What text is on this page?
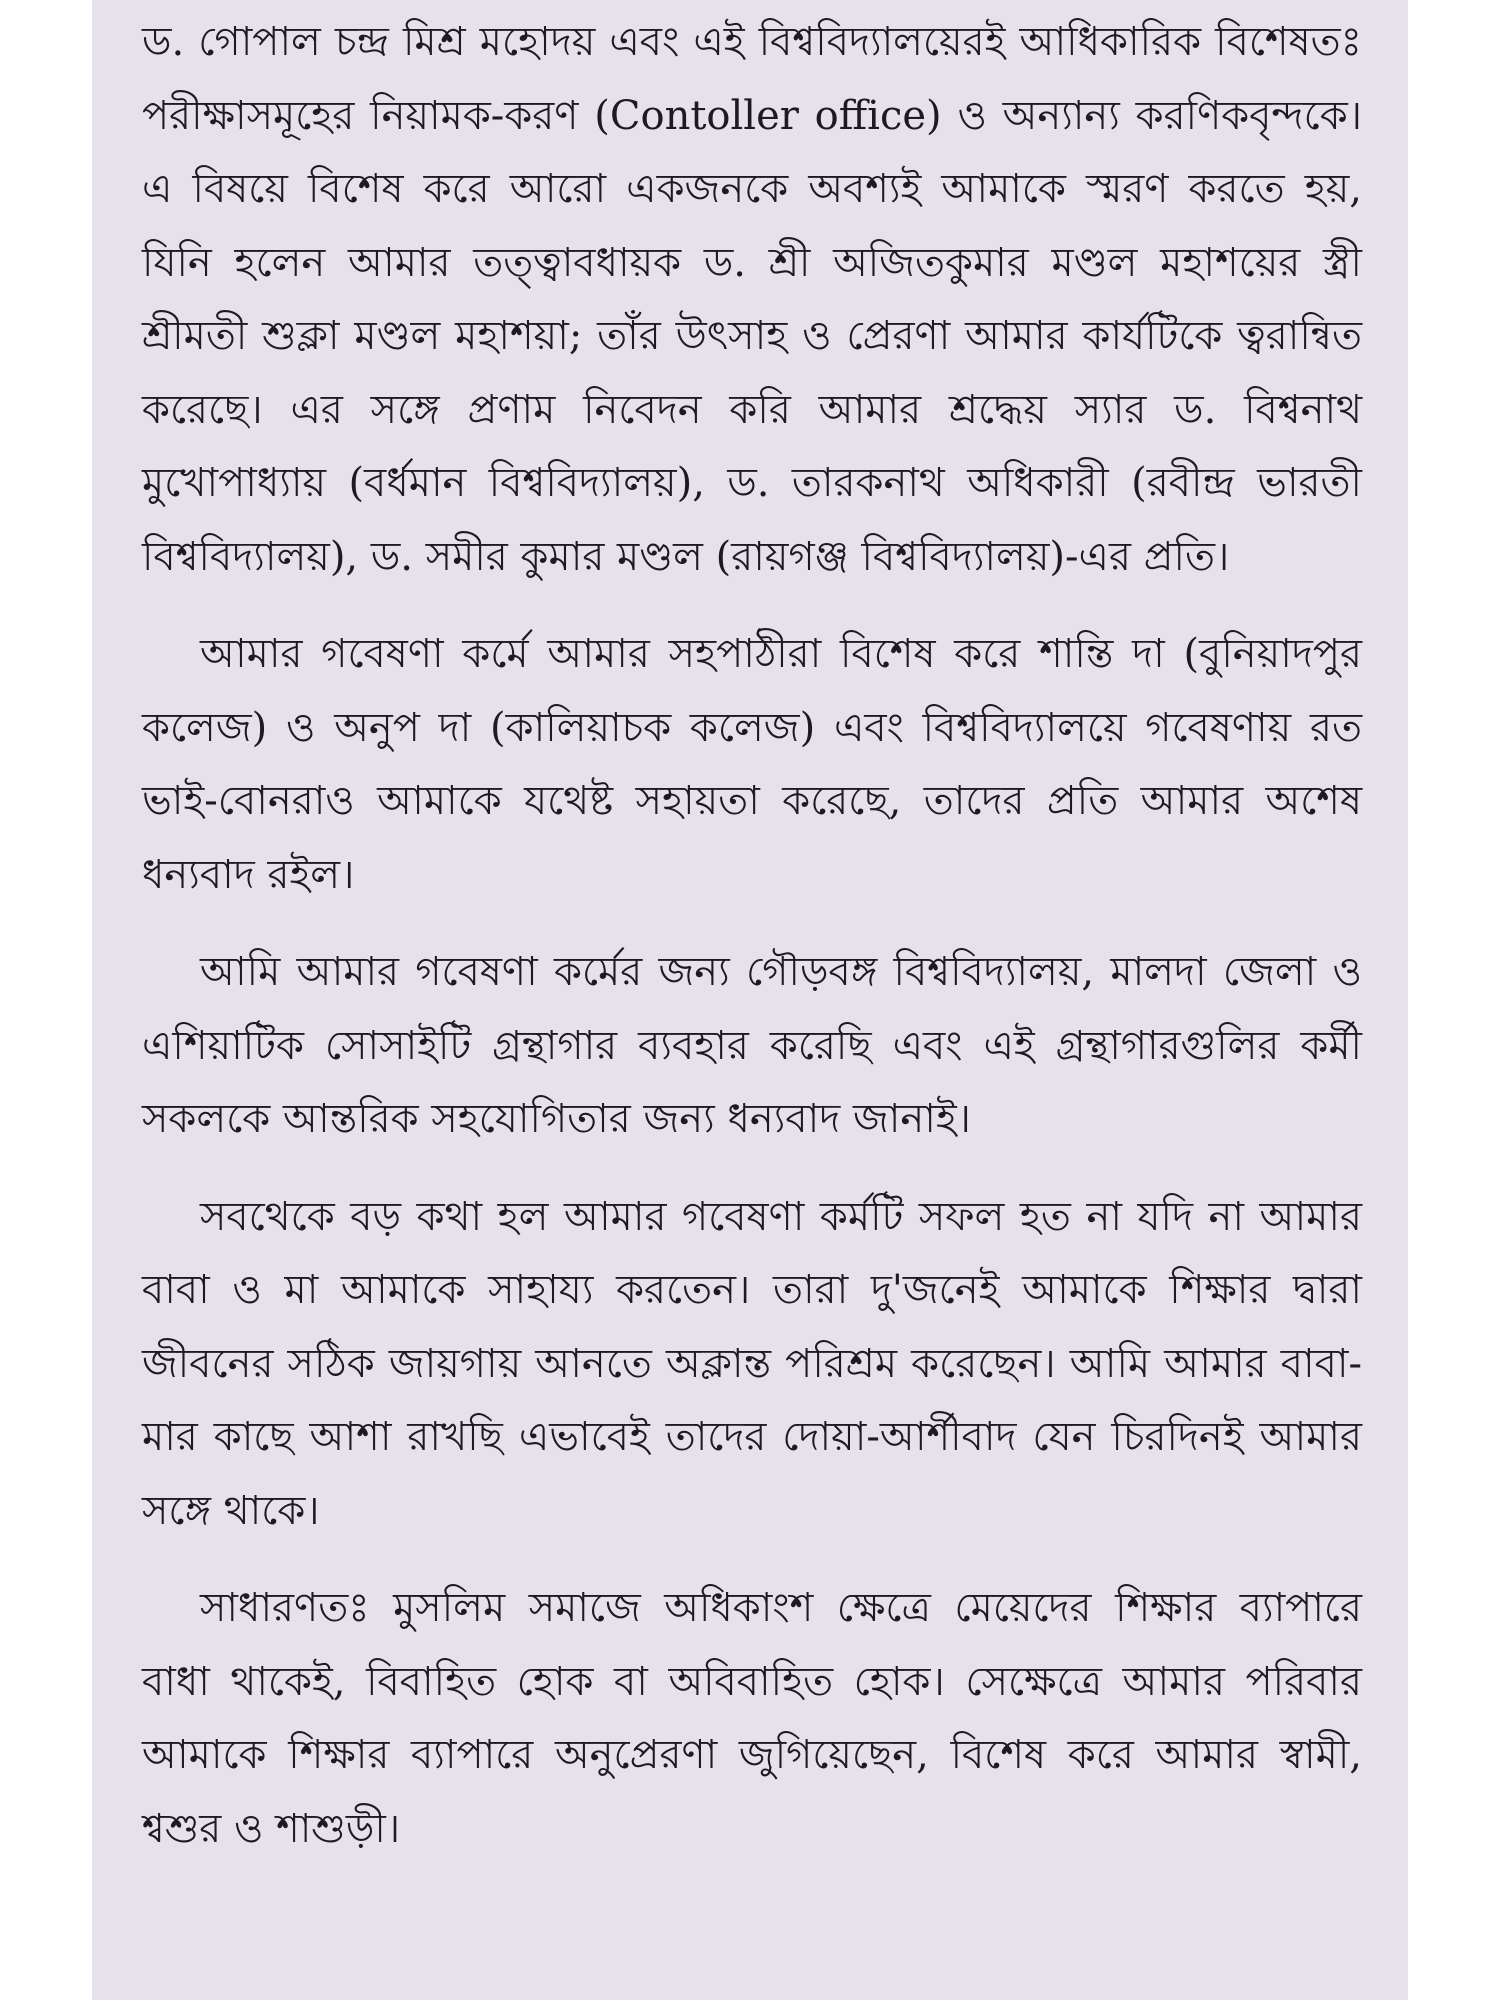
ড. গোপাল চন্দ্র মিশ্র মহোদয় এবং এই বিশ্ববিদ্যালয়েরই আধিকারিক বিশেষতঃ পরীক্ষাসমূহের নিয়ামক-করণ (Contoller office) ও অন্যান্য করণিকবৃন্দকে। এ বিষয়ে বিশেষ করে আরো একজনকে অবশ্যই আমাকে স্মরণ করতে হয়, যিনি হলেন আমার তত্ত্বাবধায়ক ড. শ্রী অজিতকুমার মণ্ডল মহাশয়ের স্ত্রী শ্রীমতী শুক্লা মণ্ডল মহাশয়া; তাঁর উৎসাহ ও প্রেরণা আমার কার্যটিকে ত্বরান্বিত করেছে। এর সঙ্গে প্রণাম নিবেদন করি আমার শ্রদ্ধেয় স্যার ড. বিশ্বনাথ মুখোপাধ্যায় (বর্ধমান বিশ্ববিদ্যালয়), ড. তারকনাথ অধিকারী (রবীন্দ্র ভারতী বিশ্ববিদ্যালয়), ড. সমীর কুমার মণ্ডল (রায়গঞ্জ বিশ্ববিদ্যালয়)-এর প্রতি।

আমার গবেষণা কর্মে আমার সহপাঠীরা বিশেষ করে শান্তি দা (বুনিয়াদপুর কলেজ) ও অনুপ দা (কালিয়াচক কলেজ) এবং বিশ্ববিদ্যালয়ে গবেষণায় রত ভাই-বোনরাও আমাকে যথেষ্ট সহায়তা করেছে, তাদের প্রতি আমার অশেষ ধন্যবাদ রইল।

আমি আমার গবেষণা কর্মের জন্য গৌড়বঙ্গ বিশ্ববিদ্যালয়, মালদা জেলা ও এশিয়াটিক সোসাইটি গ্রন্থাগার ব্যবহার করেছি এবং এই গ্রন্থাগারগুলির কর্মী সকলকে আন্তরিক সহযোগিতার জন্য ধন্যবাদ জানাই।

সবথেকে বড় কথা হল আমার গবেষণা কর্মটি সফল হত না যদি না আমার বাবা ও মা আমাকে সাহায্য করতেন। তারা দু'জনেই আমাকে শিক্ষার দ্বারা জীবনের সঠিক জায়গায় আনতে অক্লান্ত পরিশ্রম করেছেন। আমি আমার বাবা-মার কাছে আশা রাখছি এভাবেই তাদের দোয়া-আর্শীবাদ যেন চিরদিনই আমার সঙ্গে থাকে।

সাধারণতঃ মুসলিম সমাজে অধিকাংশ ক্ষেত্রে মেয়েদের শিক্ষার ব্যাপারে বাধা থাকেই, বিবাহিত হোক বা অবিবাহিত হোক। সেক্ষেত্রে আমার পরিবার আমাকে শিক্ষার ব্যাপারে অনুপ্রেরণা জুগিয়েছেন, বিশেষ করে আমার স্বামী, শ্বশুর ও শাশুড়ী।
